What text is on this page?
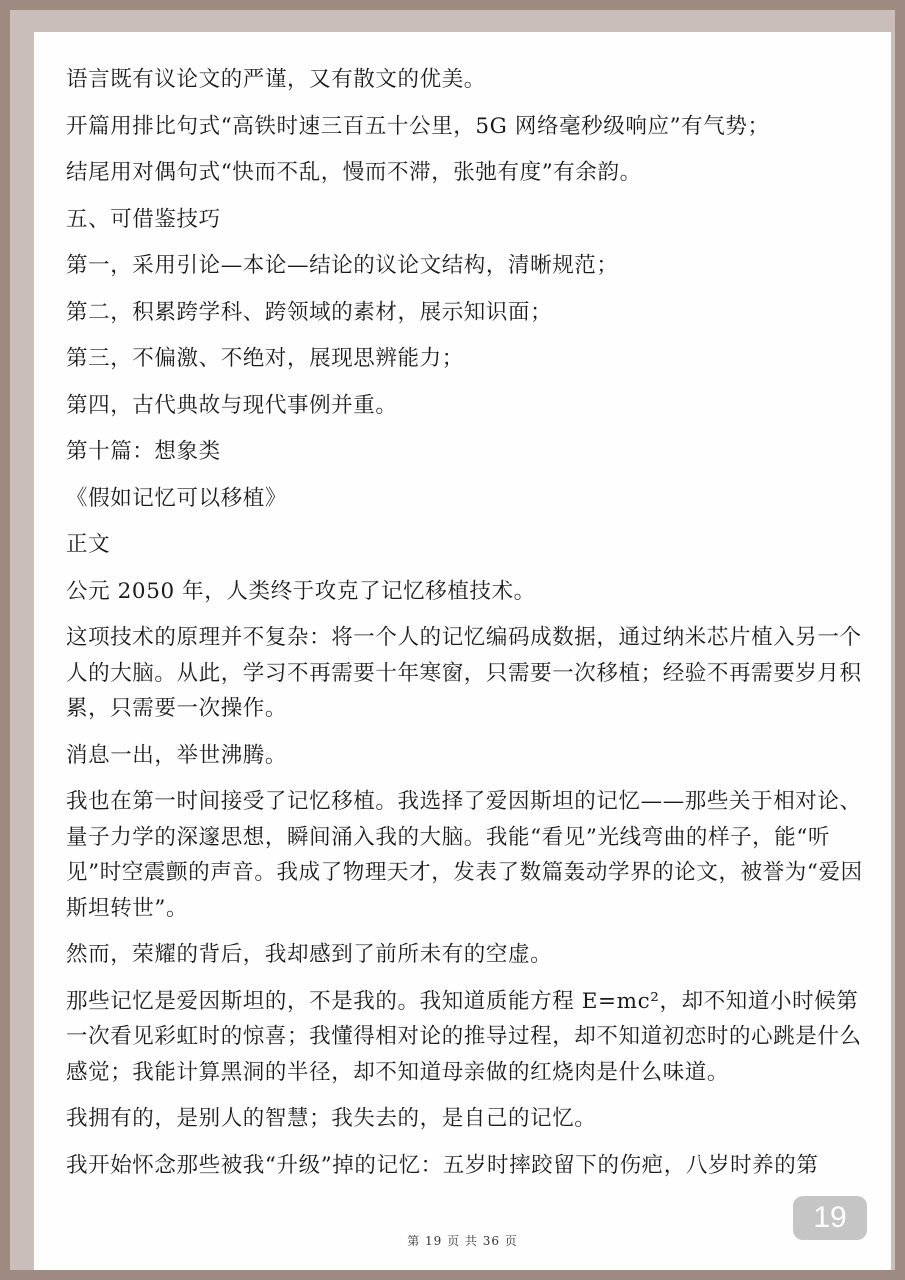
语言既有议论文的严谨，又有散文的优美。

开篇用排比句式“高铁时速三百五十公里，5G 网络毫秒级响应”有气势；

结尾用对偶句式“快而不乱，慢而不滞，张弛有度”有余韵。

五、可借鉴技巧

第一，采用引论—本论—结论的议论文结构，清晰规范；

第二，积累跨学科、跨领域的素材，展示知识面；

第三，不偏激、不绝对，展现思辨能力；

第四，古代典故与现代事例并重。

第十篇：想象类

《假如记忆可以移植》

正文

公元 2050 年，人类终于攻克了记忆移植技术。

这项技术的原理并不复杂：将一个人的记忆编码成数据，通过纳米芯片植入另一个人的大脑。从此，学习不再需要十年寒窗，只需要一次移植；经验不再需要岁月积累，只需要一次操作。

消息一出，举世沸腾。

我也在第一时间接受了记忆移植。我选择了爱因斯坦的记忆——那些关于相对论、量子力学的深邃思想，瞬间涌入我的大脑。我能“看见”光线弯曲的样子，能“听见”时空震颤的声音。我成了物理天才，发表了数篇轰动学界的论文，被誉为“爱因斯坦转世”。

然而，荣耀的背后，我却感到了前所未有的空虚。

那些记忆是爱因斯坦的，不是我的。我知道质能方程 E=mc²，却不知道小时候第一次看见彩虹时的惊喜；我懂得相对论的推导过程，却不知道初恋时的心跳是什么感觉；我能计算黑洞的半径，却不知道母亲做的红烧肉是什么味道。

我拥有的，是别人的智慧；我失去的，是自己的记忆。

我开始怀念那些被我“升级”掉的记忆：五岁时摔跤留下的伤疤，八岁时养的第

第 19 页 共 36 页
19
